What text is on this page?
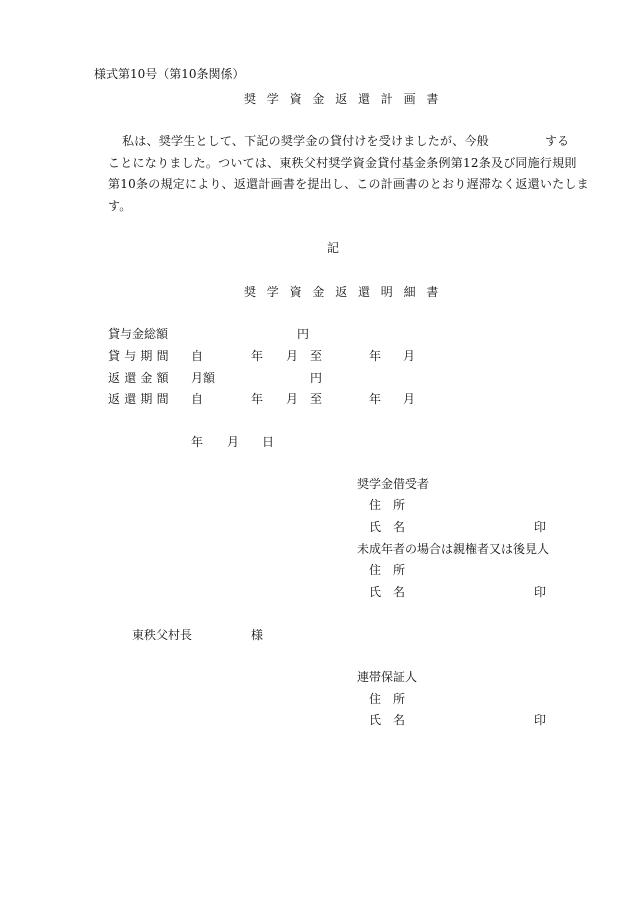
様式第10号（第10条関係）
奨学資金返還計画書
私は、奨学生として、下記の奨学金の貸付けを受けましたが、今般	する
ことになりました。ついては、東秩父村奨学資金貸付基金条例第12条及び同施行規則
第10条の規定により、返還計画書を提出し、この計画書のとおり遅滞なく返還いたしま
す。
記
奨学資金返還明細書
貸与金総額	円
貸与期間 自	年 月 至	年 月
返還金額 月額	円
返還期間 自	年 月 至	年 月
年 月 日
奨学金借受者
住所
氏名	印
未成年者の場合は親権者又は後見人
住所
氏名	印
東秩父村長	様
連帯保証人
住所
氏名	印
